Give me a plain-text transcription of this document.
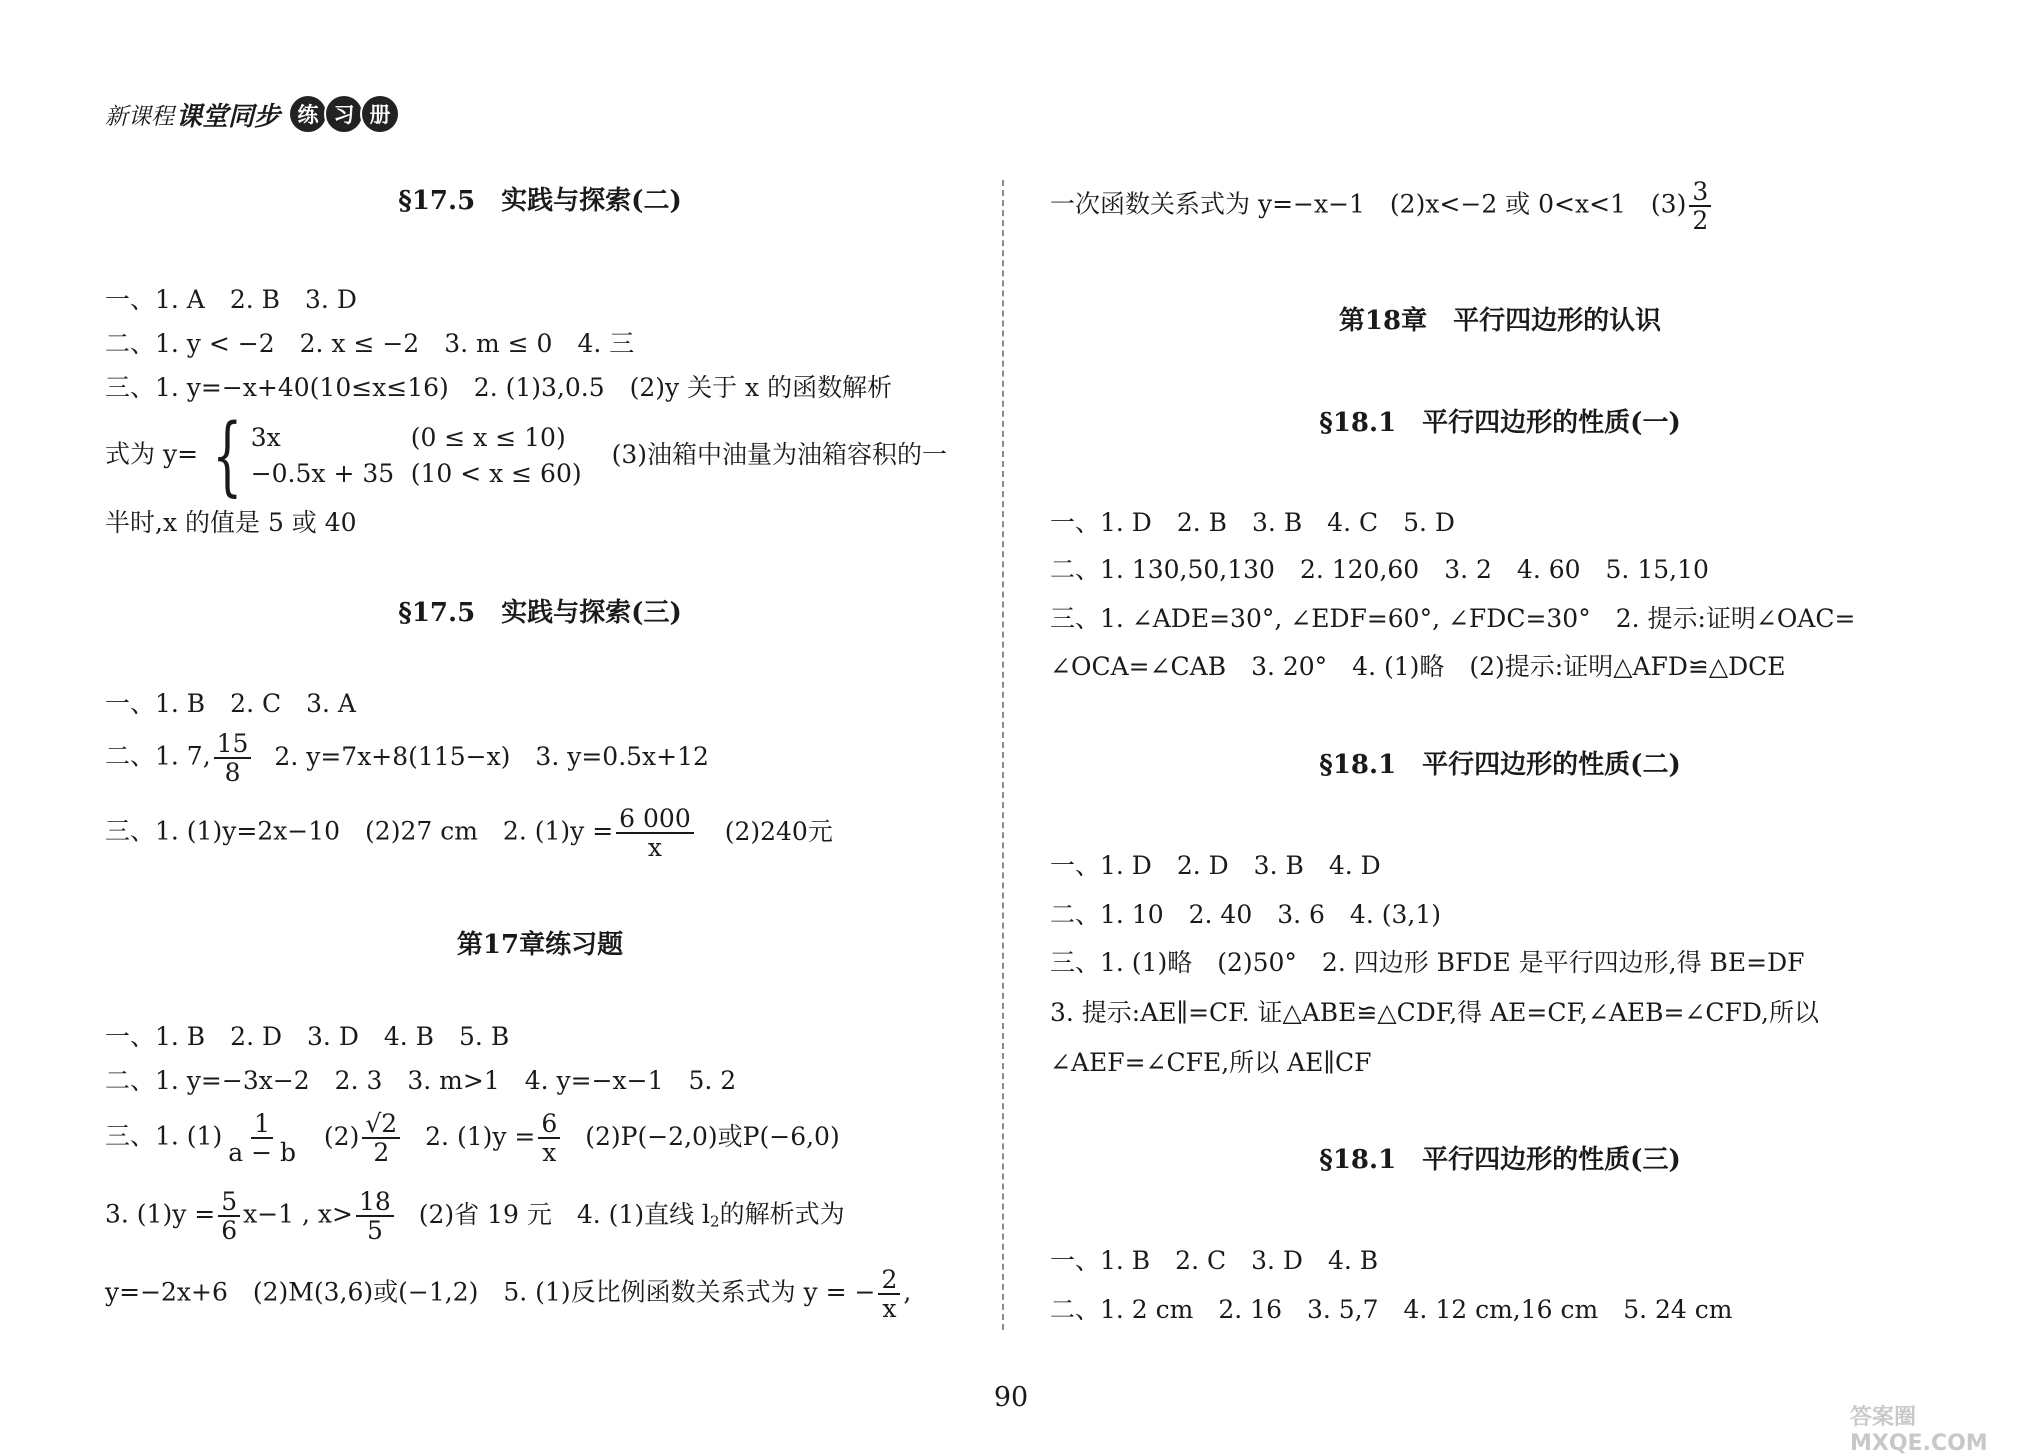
新课程 课堂同步 练 习 册
§17.5　实践与探索(二)
一、1. A　2. B　3. D
二、1. y < −2　2. x ≤ −2　3. m ≤ 0　4. 三
三、1. y=−x+40(10≤x≤16)　2. (1)3,0.5　(2)y 关于 x 的函数解析
式为 y= { 3x	(0 ≤ x ≤ 10)
−0.5x + 35 (10 < x ≤ 60)
(3)油箱中油量为油箱容积的一
半时,x 的值是 5 或 40
§17.5　实践与探索(三)
一、1. B　2. C　3. A
二、1. 7, $\frac{15}{8} 2$. y=7x+8(115−x)　3. y=0.5x+12
三、1. (1)y=2x−10　(2)27 cm　2. $(1)y = \frac{6 000}{x} (2)240$元
第17章练习题
一、1. B　2. D　3. D　4. B　5. B
二、1. y=−3x−2　2. 3　3. m>1　4. y=−x−1　5. 2
三、1. $(1) \frac{1}{a - b} (2) \frac{√2}{2} 2$. $(1)y = \frac{6}{x} (2)P(-2,0)$或P(−6,0)
3. $(1)y = \frac{5}{6} x-1$ , $x> \frac{18}{5} (2)$省 19 元　4. (1)直线 $l_2$的解析式为
y=−2x+6　(2)M(3,6)或(−1,2)　5. (1)反比例函数关系式为 y = − $\frac{2}{x}$ ,
一次函数关系式为 y=−x−1　(2)x<−2 或 0<x<1　$(3) \frac{3}{2}$
第18章　平行四边形的认识
§18.1　平行四边形的性质(一)
一、1. D　2. B　3. B　4. C　5. D
二、1. 130,50,130　2. 120,60　3. 2　4. 60　5. 15,10
三、1. ∠ADE=30°, ∠EDF=60°, ∠FDC=30°　2. 提示:证明∠OAC=
∠OCA=∠CAB　3. 20°　4. (1)略　(2)提示:证明△AFD≌△DCE
§18.1　平行四边形的性质(二)
一、1. D　2. D　3. B　4. D
二、1. 10　2. 40　3. 6　4. (3,1)
三、1. (1)略　(2)50°　2. 四边形 BFDE 是平行四边形,得 BE=DF
3. 提示:AE∥=CF. 证△ABE≌△CDF,得 AE=CF,∠AEB=∠CFD,所以
∠AEF=∠CFE,所以 AE∥CF
§18.1　平行四边形的性质(三)
一、1. B　2. C　3. D　4. B
二、1. 2 cm　2. 16　3. 5,7　4. 12 cm,16 cm　5. 24 cm
90
答案圈 MXQE.COM
